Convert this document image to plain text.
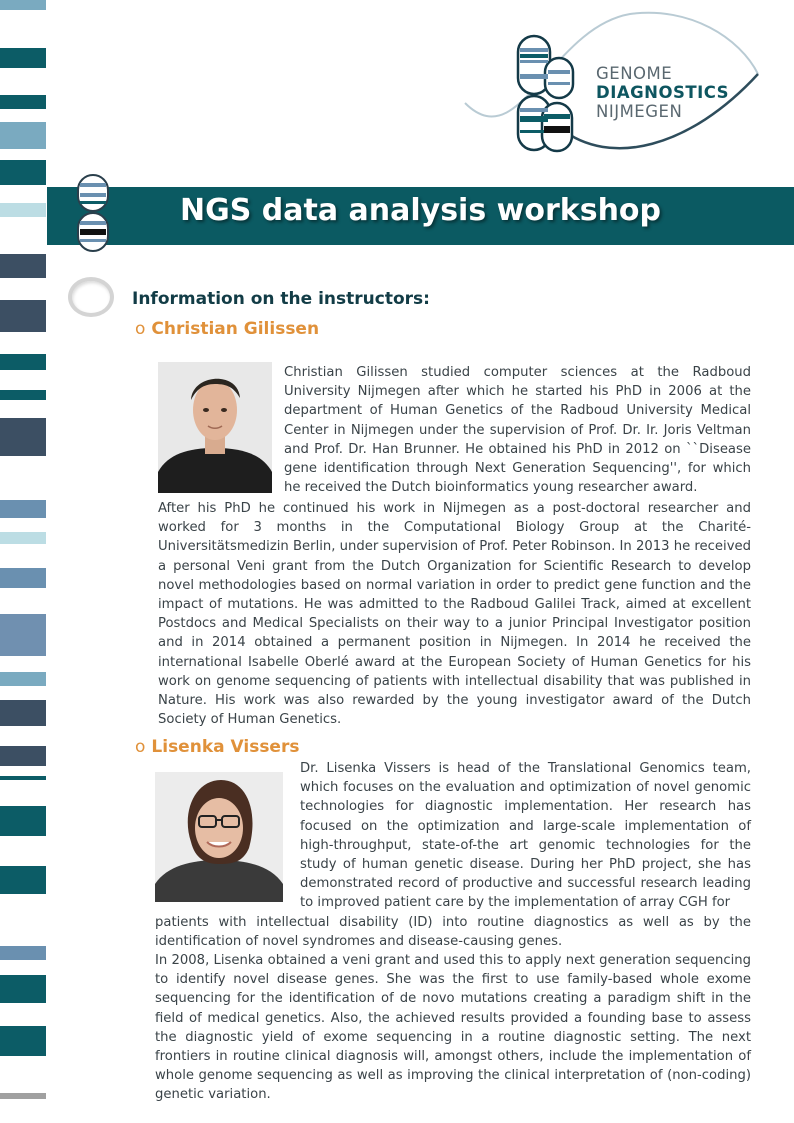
GENOME
DIAGNOSTICS
NIJMEGEN
NGS data analysis workshop
Information on the instructors:
o Christian Gilissen

Christian Gilissen studied computer sciences at the Radboud University Nijmegen after which he started his PhD in 2006 at the department of Human Genetics of the Radboud University Medical Center in Nijmegen under the supervision of Prof. Dr. Ir. Joris Veltman and Prof. Dr. Han Brunner. He obtained his PhD in 2012 on ``Disease gene identification through Next Generation Sequencing'', for which he received the Dutch bioinformatics young researcher award.

After his PhD he continued his work in Nijmegen as a post-doctoral researcher and worked for 3 months in the Computational Biology Group at the Charité-Universitätsmedizin Berlin, under supervision of Prof. Peter Robinson. In 2013 he received a personal Veni grant from the Dutch Organization for Scientific Research to develop novel methodologies based on normal variation in order to predict gene function and the impact of mutations. He was admitted to the Radboud Galilei Track, aimed at excellent Postdocs and Medical Specialists on their way to a junior Principal Investigator position and in 2014 obtained a permanent position in Nijmegen. In 2014 he received the international Isabelle Oberlé award at the European Society of Human Genetics for his work on genome sequencing of patients with intellectual disability that was published in Nature. His work was also rewarded by the young investigator award of the Dutch Society of Human Genetics.

o Lisenka Vissers

Dr. Lisenka Vissers is head of the Translational Genomics team, which focuses on the evaluation and optimization of novel genomic technologies for diagnostic implementation. Her research has focused on the optimization and large-scale implementation of high-throughput, state-of-the art genomic technologies for the study of human genetic disease. During her PhD project, she has demonstrated record of productive and successful research leading to improved patient care by the implementation of array CGH for

patients with intellectual disability (ID) into routine diagnostics as well as by the identification of novel syndromes and disease-causing genes.

In 2008, Lisenka obtained a veni grant and used this to apply next generation sequencing to identify novel disease genes. She was the first to use family-based whole exome sequencing for the identification of de novo mutations creating a paradigm shift in the field of medical genetics. Also, the achieved results provided a founding base to assess the diagnostic yield of exome sequencing in a routine diagnostic setting. The next frontiers in routine clinical diagnosis will, amongst others, include the implementation of whole genome sequencing as well as improving the clinical interpretation of (non-coding) genetic variation.
